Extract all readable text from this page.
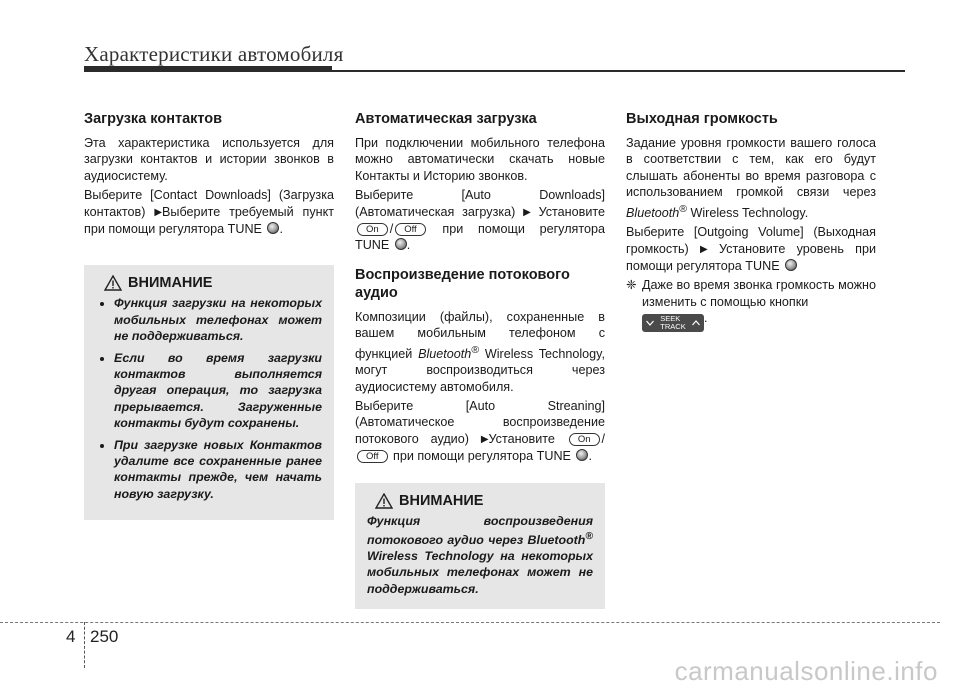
Характеристики автомобиля
Загрузка контактов

Эта характеристика используется для загрузки контактов и истории звонков в аудиосистему.

Выберите [Contact Downloads] (Загрузка контактов) ▶Выберите требуемый пункт при помощи регулятора TUNE .

ВНИМАНИЕ
• Функция загрузки на некоторых мобильных телефонах может не поддерживаться.
• Если во время загрузки контактов выполняется другая операция, то загрузка прерывается. Загруженные контакты будут сохранены.
• При загрузке новых Контактов удалите все сохраненные ранее контакты прежде, чем начать новую загрузку.
Автоматическая загрузка

При подключении мобильного телефона можно автоматически скачать новые Контакты и Историю звонков.

Выберите [Auto Downloads] (Автоматическая загрузка) ▶ Установите On / Off при помощи регулятора TUNE .

Воспроизведение потокового аудио

Композиции (файлы), сохраненные в вашем мобильным телефоном с функцией Bluetooth® Wireless Technology, могут воспроизводиться через аудиосистему автомобиля.

Выберите [Auto Streaning] (Автоматическое воспроизведение потокового аудио) ▶Установите On / Off при помощи регулятора TUNE .

ВНИМАНИЕ

Функция воспроизведения потокового аудио через Bluetooth® Wireless Technology на некоторых мобильных телефонах может не поддерживаться.

Выходная громкость

Задание уровня громкости вашего голоса в соответствии с тем, как его будут слышать абоненты во время разговора с использованием громкой связи через Bluetooth® Wireless Technology.

Выберите [Outgoing Volume] (Выходная громкость) ▶ Установите уровень при помощи регулятора TUNE

❈ Даже во время звонка громкость можно изменить с помощью кнопки

SEEK
TRACK
.
4 250
carmanualsonline.info
